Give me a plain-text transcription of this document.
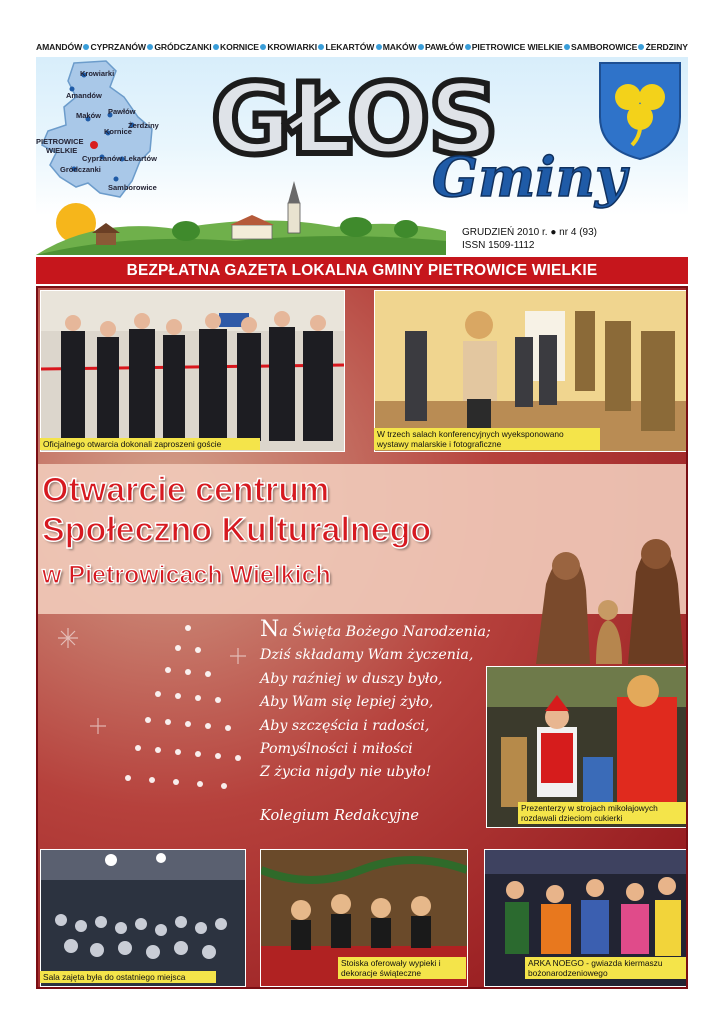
AMANDÓW CYPRZANÓW GRÓDCZANKI KORNICE KROWIARKI LEKARTÓW MAKÓW PAWŁÓW PIETROWICE WIELKIE SAMBOROWICE ŻERDZINY
Krowiarki
Amandów
Maków Pawłów
Żerdziny
Kornice
PIETROWICE
WIELKIE
Cyprzanów Lekartów
Gródczanki
Samborowice
GŁOS
Gminy
GRUDZIEŃ 2010 r. ● nr 4 (93)
ISSN 1509-1112
BEZPŁATNA GAZETA LOKALNA GMINY PIETROWICE WIELKIE
Oficjalnego otwarcia dokonali zaproszeni goście
W trzech salach konferencyjnych wyeksponowano wystawy malarskie i fotograficzne
Otwarcie centrum
Społeczno Kulturalnego
w Pietrowicach Wielkich
Na Święta Bożego Narodzenia;
Dziś składamy Wam życzenia,
Aby raźniej w duszy było,
Aby Wam się lepiej żyło,
Aby szczęścia i radości,
Pomyślności i miłości
Z życia nigdy nie ubyło!
Kolegium Redakcyjne	Prezenterzy w strojach mikołajowych rozdawali dzieciom cukierki
Sala zajęta była do ostatniego miejsca
Stoiska oferowały wypieki i dekoracje świąteczne
ARKA NOEGO - gwiazda kiermaszu bożonarodzeniowego
